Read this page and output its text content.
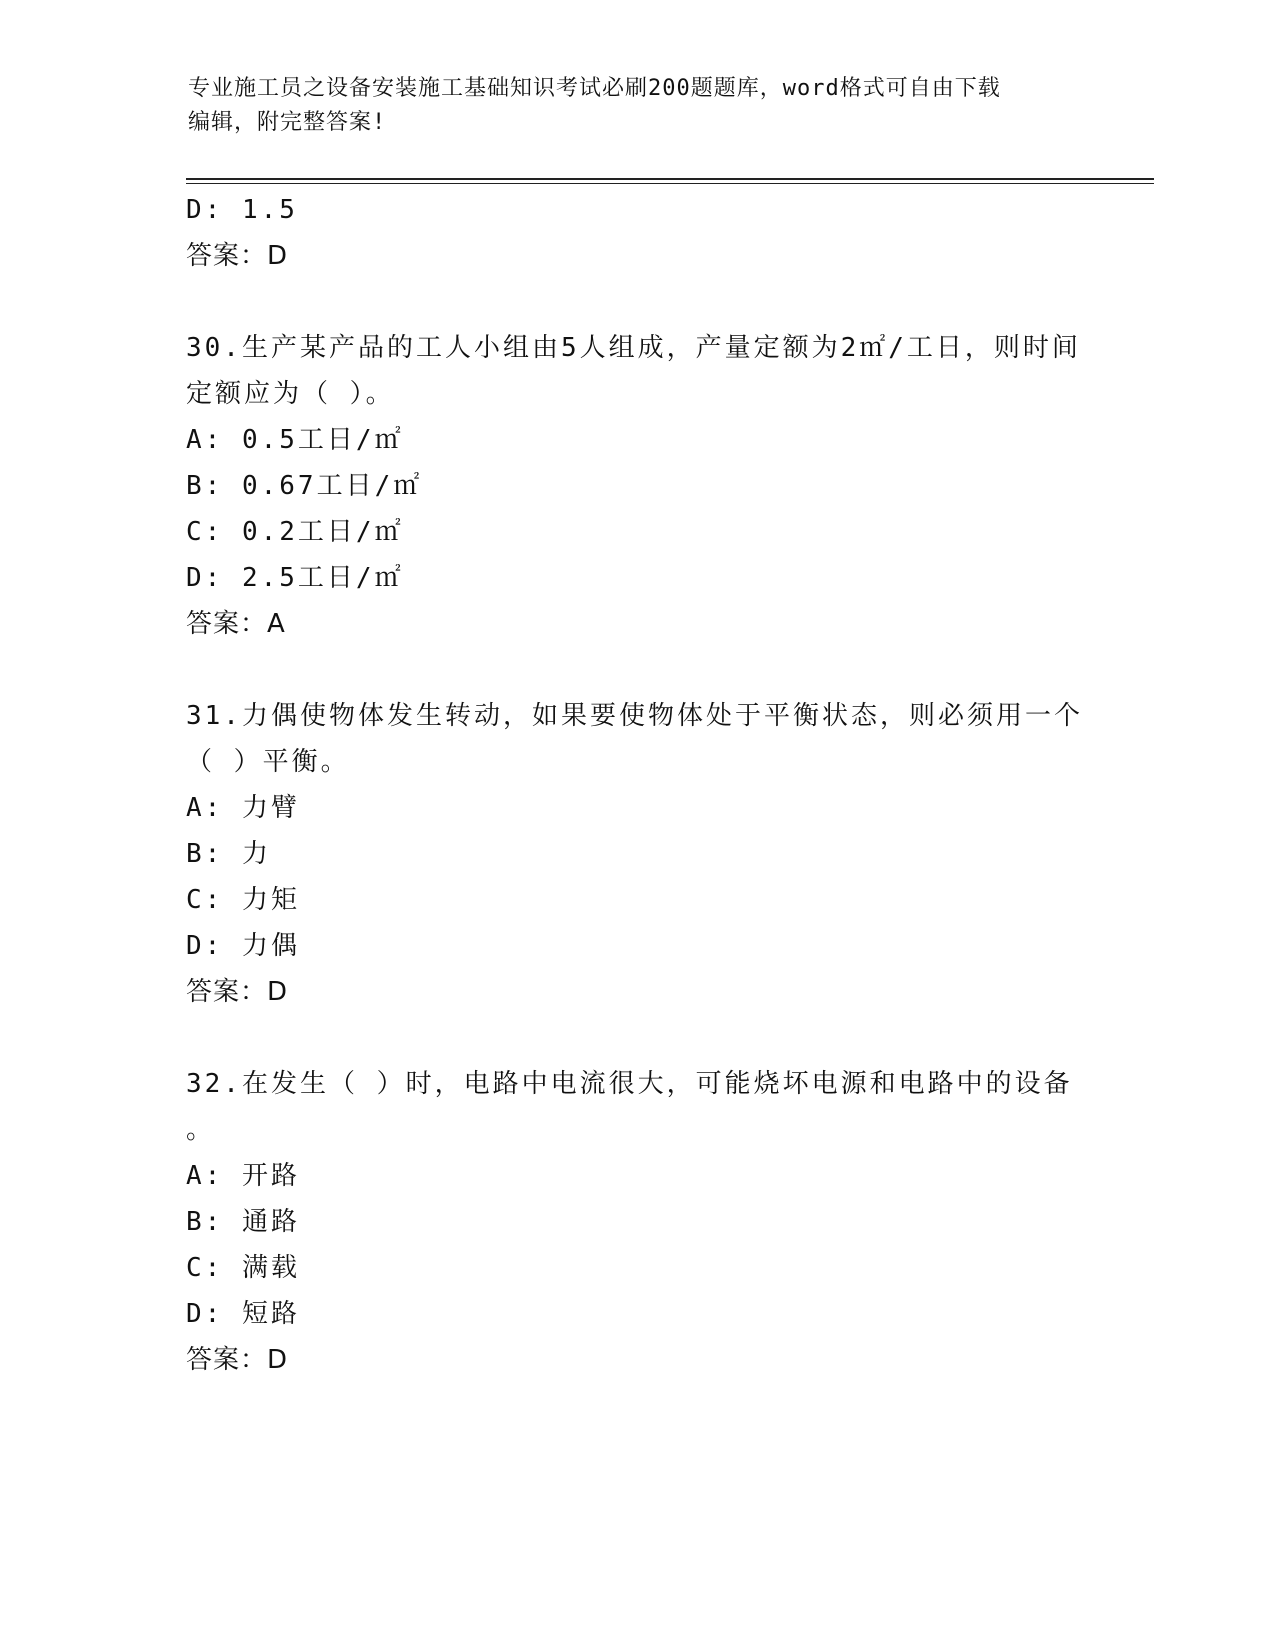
专业施工员之设备安装施工基础知识考试必刷200题题库，word格式可自由下载
编辑，附完整答案!
D: 1.5
答案：D
30.生产某产品的工人小组由5人组成，产量定额为2㎡/工日，则时间
定额应为（ ）。
A: 0.5工日/㎡
B: 0.67工日/㎡
C: 0.2工日/㎡
D: 2.5工日/㎡
答案：A
31.力偶使物体发生转动，如果要使物体处于平衡状态，则必须用一个
（ ）平衡。
A: 力臂
B: 力
C: 力矩
D: 力偶
答案：D
32.在发生（ ）时，电路中电流很大，可能烧坏电源和电路中的设备
。
A: 开路
B: 通路
C: 满载
D: 短路
答案：D
